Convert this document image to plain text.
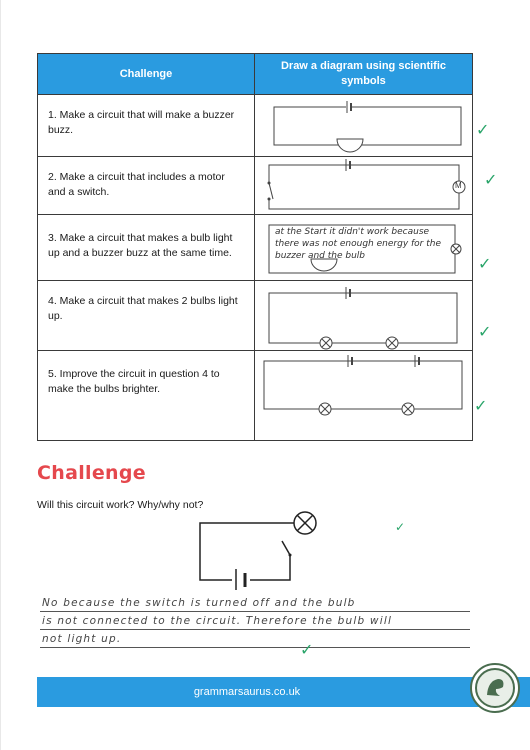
Challenge
Draw a diagram using scientific symbols
1. Make a circuit that will make a buzzer buzz.
2. Make a circuit that includes a motor and a switch.
M
3. Make a circuit that makes a bulb light up and a buzzer buzz at the same time.
at the Start it didn't work because there was not enough energy for the buzzer and the bulb
4. Make a circuit that makes 2 bulbs light up.
5. Improve the circuit in question 4 to make the bulbs brighter.
✓
✓
✓
✓
✓
Challenge
Will this circuit work? Why/why not?
✓
No because the switch is turned off and the bulb
is not connected to the circuit. Therefore the bulb will
not light up.
✓
grammarsaurus.co.uk
